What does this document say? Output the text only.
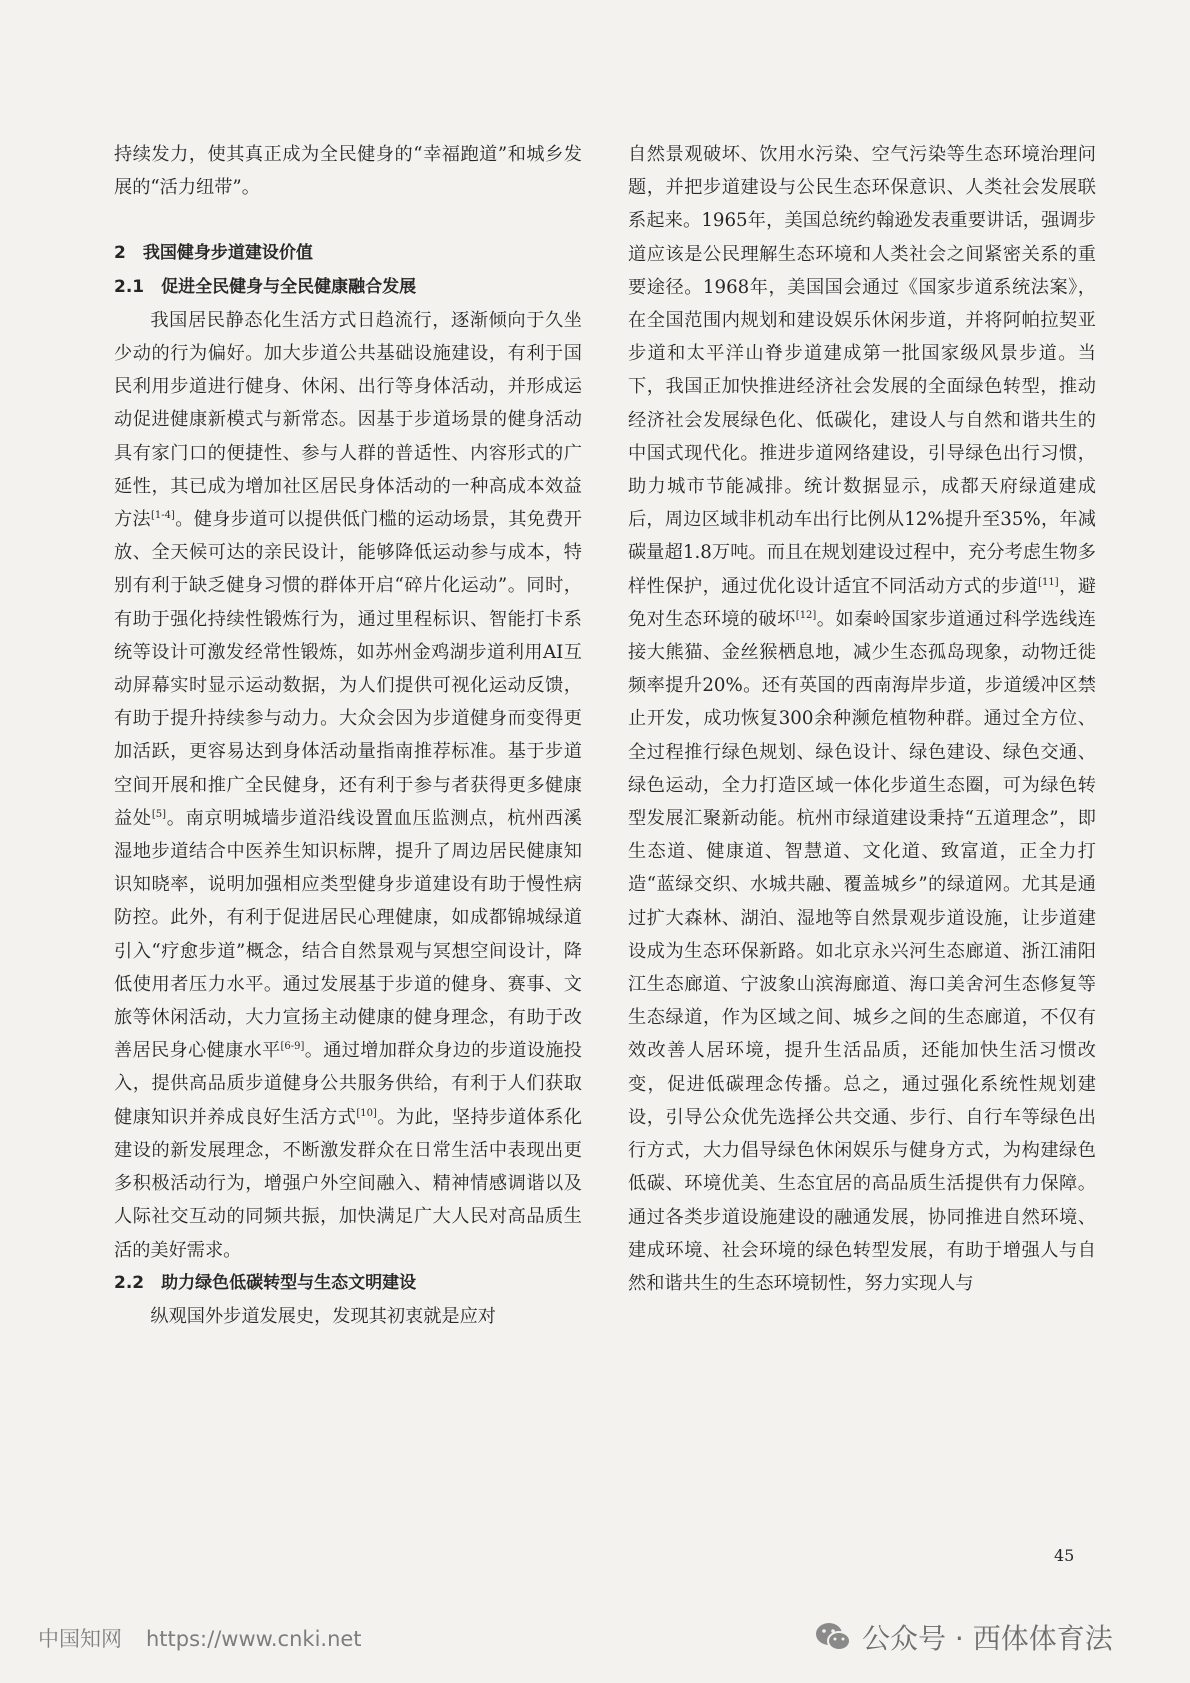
持续发力，使其真正成为全民健身的“幸福跑道”和城乡发展的“活力纽带”。

2　我国健身步道建设价值

2.1　促进全民健身与全民健康融合发展

我国居民静态化生活方式日趋流行，逐渐倾向于久坐少动的行为偏好。加大步道公共基础设施建设，有利于国民利用步道进行健身、休闲、出行等身体活动，并形成运动促进健康新模式与新常态。因基于步道场景的健身活动具有家门口的便捷性、参与人群的普适性、内容形式的广延性，其已成为增加社区居民身体活动的一种高成本效益方法[1-4]。健身步道可以提供低门槛的运动场景，其免费开放、全天候可达的亲民设计，能够降低运动参与成本，特别有利于缺乏健身习惯的群体开启“碎片化运动”。同时，有助于强化持续性锻炼行为，通过里程标识、智能打卡系统等设计可激发经常性锻炼，如苏州金鸡湖步道利用AI互动屏幕实时显示运动数据，为人们提供可视化运动反馈，有助于提升持续参与动力。大众会因为步道健身而变得更加活跃，更容易达到身体活动量指南推荐标准。基于步道空间开展和推广全民健身，还有利于参与者获得更多健康益处[5]。南京明城墙步道沿线设置血压监测点，杭州西溪湿地步道结合中医养生知识标牌，提升了周边居民健康知识知晓率，说明加强相应类型健身步道建设有助于慢性病防控。此外，有利于促进居民心理健康，如成都锦城绿道引入“疗愈步道”概念，结合自然景观与冥想空间设计，降低使用者压力水平。通过发展基于步道的健身、赛事、文旅等休闲活动，大力宣扬主动健康的健身理念，有助于改善居民身心健康水平[6-9]。通过增加群众身边的步道设施投入，提供高品质步道健身公共服务供给，有利于人们获取健康知识并养成良好生活方式[10]。为此，坚持步道体系化建设的新发展理念，不断激发群众在日常生活中表现出更多积极活动行为，增强户外空间融入、精神情感调谐以及人际社交互动的同频共振，加快满足广大人民对高品质生活的美好需求。

2.2　助力绿色低碳转型与生态文明建设

纵观国外步道发展史，发现其初衷就是应对

自然景观破坏、饮用水污染、空气污染等生态环境治理问题，并把步道建设与公民生态环保意识、人类社会发展联系起来。1965年，美国总统约翰逊发表重要讲话，强调步道应该是公民理解生态环境和人类社会之间紧密关系的重要途径。1968年，美国国会通过《国家步道系统法案》，在全国范围内规划和建设娱乐休闲步道，并将阿帕拉契亚步道和太平洋山脊步道建成第一批国家级风景步道。当下，我国正加快推进经济社会发展的全面绿色转型，推动经济社会发展绿色化、低碳化，建设人与自然和谐共生的中国式现代化。推进步道网络建设，引导绿色出行习惯，助力城市节能减排。统计数据显示，成都天府绿道建成后，周边区域非机动车出行比例从12%提升至35%，年减碳量超1.8万吨。而且在规划建设过程中，充分考虑生物多样性保护，通过优化设计适宜不同活动方式的步道[11]，避免对生态环境的破坏[12]。如秦岭国家步道通过科学选线连接大熊猫、金丝猴栖息地，减少生态孤岛现象，动物迁徙频率提升20%。还有英国的西南海岸步道，步道缓冲区禁止开发，成功恢复300余种濒危植物种群。通过全方位、全过程推行绿色规划、绿色设计、绿色建设、绿色交通、绿色运动，全力打造区域一体化步道生态圈，可为绿色转型发展汇聚新动能。杭州市绿道建设秉持“五道理念”，即生态道、健康道、智慧道、文化道、致富道，正全力打造“蓝绿交织、水城共融、覆盖城乡”的绿道网。尤其是通过扩大森林、湖泊、湿地等自然景观步道设施，让步道建设成为生态环保新路。如北京永兴河生态廊道、浙江浦阳江生态廊道、宁波象山滨海廊道、海口美舍河生态修复等生态绿道，作为区域之间、城乡之间的生态廊道，不仅有效改善人居环境，提升生活品质，还能加快生活习惯改变，促进低碳理念传播。总之，通过强化系统性规划建设，引导公众优先选择公共交通、步行、自行车等绿色出行方式，大力倡导绿色休闲娱乐与健身方式，为构建绿色低碳、环境优美、生态宜居的高品质生活提供有力保障。通过各类步道设施建设的融通发展，协同推进自然环境、建成环境、社会环境的绿色转型发展，有助于增强人与自然和谐共生的生态环境韧性，努力实现人与

45
中国知网 https://www.cnki.net	公众号 · 西体体育法
